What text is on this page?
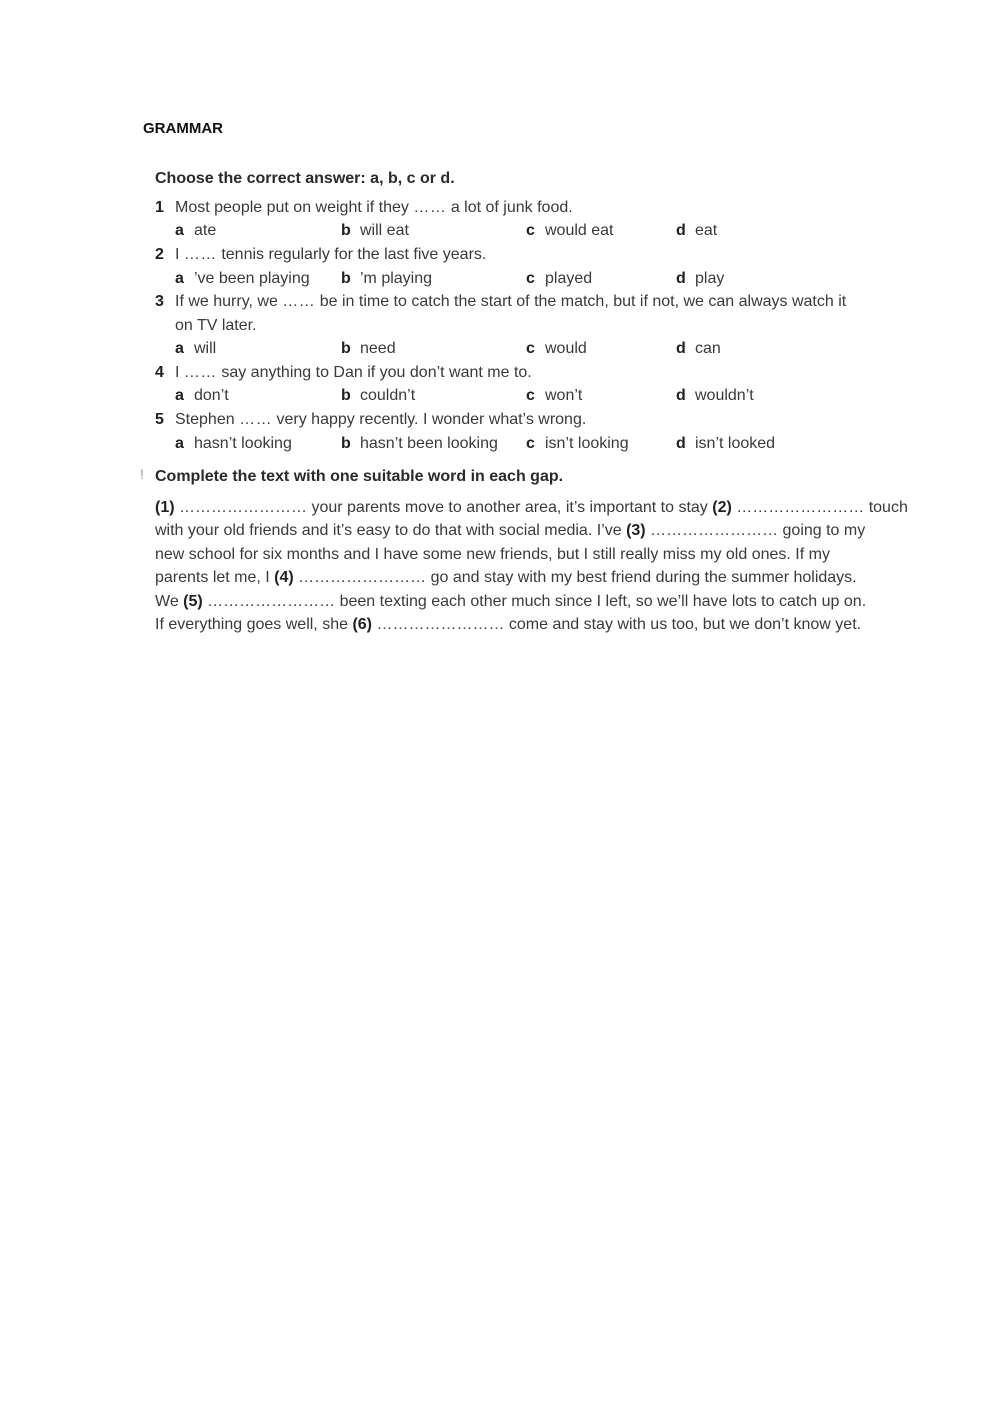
GRAMMAR
Choose the correct answer: a, b, c or d.
1 Most people put on weight if they …… a lot of junk food.
a ate	b will eat	c would eat	d eat
2 I …… tennis regularly for the last five years.
a ’ve been playing b ’m playing	c played	d play
3 If we hurry, we …… be in time to catch the start of the match, but if not, we can always watch it
on TV later.
a will	b need	c would	d can
4 I …… say anything to Dan if you don’t want me to.
a don’t	b couldn’t	c won’t	d wouldn’t
5 Stephen …… very happy recently. I wonder what’s wrong.
a hasn’t looking	b hasn’t been looking c isn’t looking	d isn’t looked
! Complete the text with one suitable word in each gap.
(1) …………………… your parents move to another area, it’s important to stay (2) …………………… touch
with your old friends and it’s easy to do that with social media. I’ve (3) …………………… going to my
new school for six months and I have some new friends, but I still really miss my old ones. If my
parents let me, I (4) …………………… go and stay with my best friend during the summer holidays.
We (5) …………………… been texting each other much since I left, so we’ll have lots to catch up on.
If everything goes well, she (6) …………………… come and stay with us too, but we don’t know yet.
